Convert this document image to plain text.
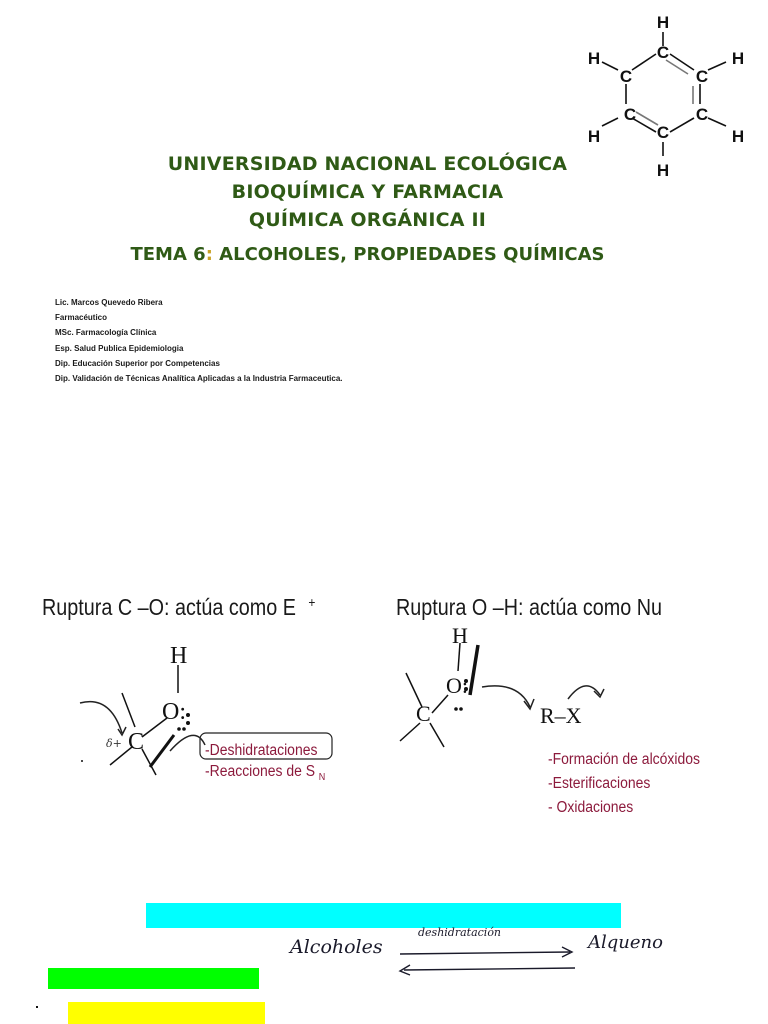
H
C
H
C	C
H
C	C
H	H
C
H
UNIVERSIDAD NACIONAL ECOLÓGICA
BIOQUÍMICA Y FARMACIA
QUÍMICA ORGÁNICA II
TEMA 6: ALCOHOLES, PROPIEDADES QUÍMICAS
Lic. Marcos Quevedo Ribera
Farmacéutico
MSc. Farmacología Clínica
Esp. Salud Publica Epidemiologia
Dip. Educación Superior por Competencias
Dip. Validación de Técnicas Analítica Aplicadas a la Industria Farmaceutica.
Ruptura C –O: actúa como E +
H
O:
C
δ+	-Deshidrataciones
-Reacciones de S $_N$
Ruptura O –H: actúa como Nu
H
O:
C	R–X
-Formación de alcóxidos
-Esterificaciones
- Oxidaciones
Alcoholes
deshidratación	Alqueno
